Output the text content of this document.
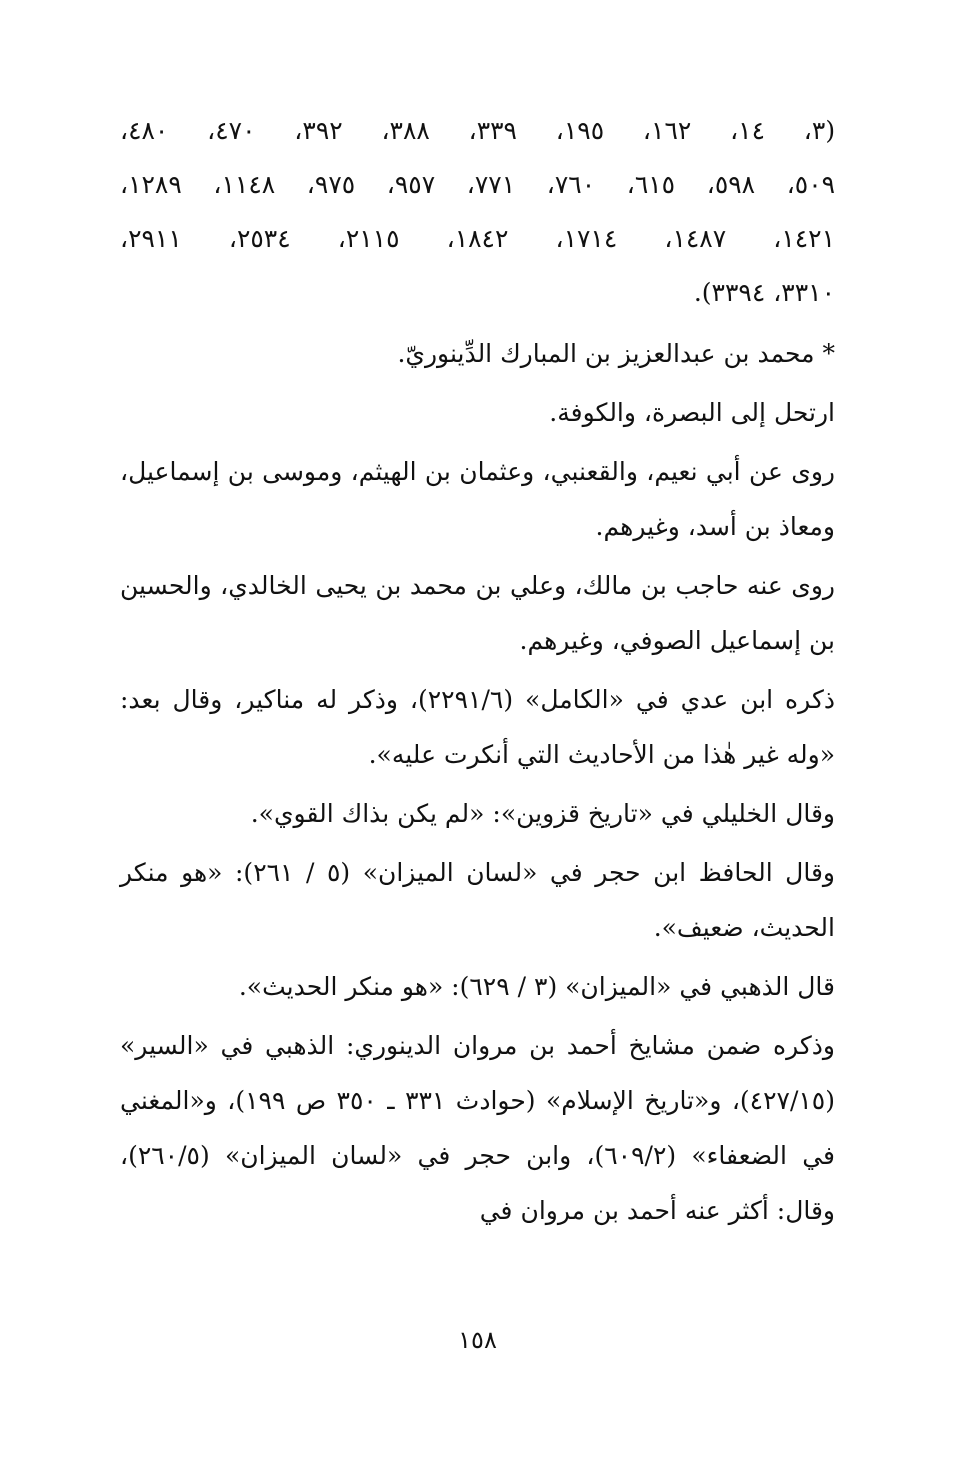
(٣، ١٤، ١٦٢، ١٩٥، ٣٣٩، ٣٨٨، ٣٩٢، ٤٧٠، ٤٨٠،

٥٠٩، ٥٩٨، ٦١٥، ٧٦٠، ٧٧١، ٩٥٧، ٩٧٥، ١١٤٨، ١٢٨٩،

١٤٢١، ١٤٨٧، ١٧١٤، ١٨٤٢، ٢١١٥، ٢٥٣٤، ٢٩١١،

٣٣١٠، ٣٣٩٤).

* محمد بن عبدالعزيز بن المبارك الدِّينوريّ.

ارتحل إلى البصرة، والكوفة.

روى عن أبي نعيم، والقعنبي، وعثمان بن الهيثم، وموسى بن إسماعيل، ومعاذ بن أسد، وغيرهم.

روى عنه حاجب بن مالك، وعلي بن محمد بن يحيى الخالدي، والحسين بن إسماعيل الصوفي، وغيرهم.

ذكره ابن عدي في «الكامل» (٢٢٩١/٦)، وذكر له مناكير، وقال بعد: «وله غير هٰذا من الأحاديث التي أنكرت عليه».

وقال الخليلي في «تاريخ قزوين»: «لم يكن بذاك القوي».

وقال الحافظ ابن حجر في «لسان الميزان» (٥ / ٢٦١): «هو منكر الحديث، ضعيف».

قال الذهبي في «الميزان» (٣ / ٦٢٩): «هو منكر الحديث».

وذكره ضمن مشايخ أحمد بن مروان الدينوري: الذهبي في «السير» (٤٢٧/١٥)، و«تاريخ الإسلام» (حوادث ٣٣١ ـ ٣٥٠ ص ١٩٩)، و«المغني في الضعفاء» (٦٠٩/٢)، وابن حجر في «لسان الميزان» (٢٦٠/٥)، وقال: أكثر عنه أحمد بن مروان في

١٥٨
